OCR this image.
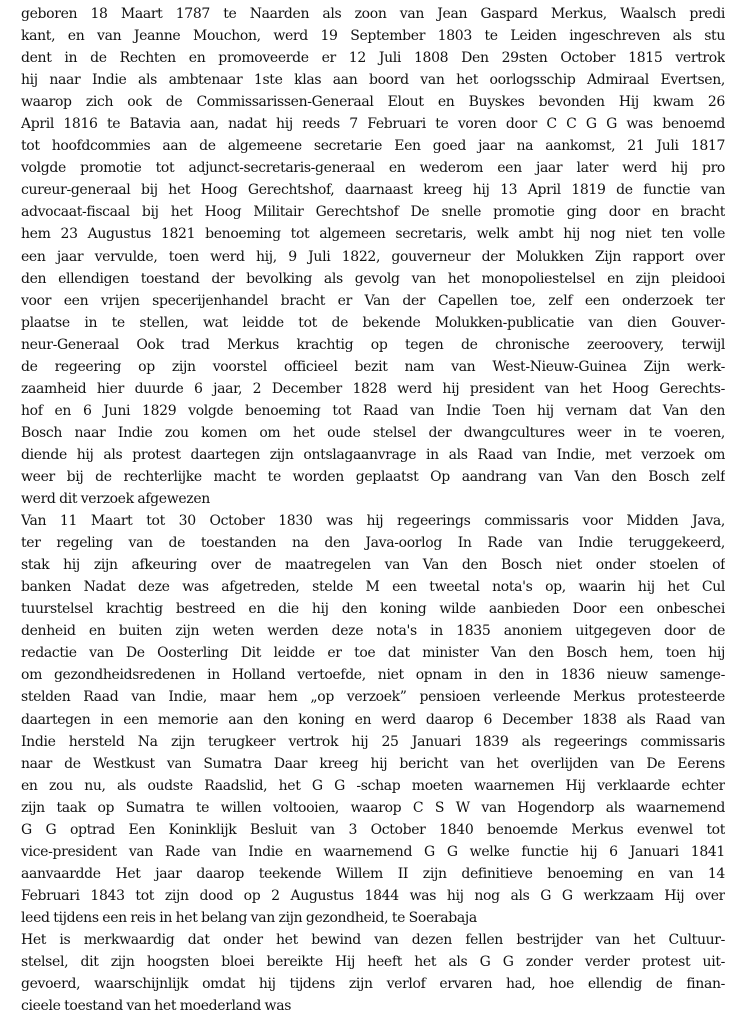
geboren 18 Maart 1787 te Naarden als zoon van Jean Gaspard Merkus, Waalsch predi
kant, en van Jeanne Mouchon, werd 19 September 1803 te Leiden ingeschreven als stu
dent in de Rechten en promoveerde er 12 Juli 1808 Den 29sten October 1815 vertrok
hij naar Indie als ambtenaar 1ste klas aan boord van het oorlogsschip Admiraal Evertsen,
waarop zich ook de Commissarissen-Generaal Elout en Buyskes bevonden Hij kwam 26
April 1816 te Batavia aan, nadat hij reeds 7 Februari te voren door C C G G was benoemd
tot hoofdcommies aan de algemeene secretarie Een goed jaar na aankomst, 21 Juli 1817
volgde promotie tot adjunct-secretaris-generaal en wederom een jaar later werd hij pro
cureur-generaal bij het Hoog Gerechtshof, daarnaast kreeg hij 13 April 1819 de functie van
advocaat-fiscaal bij het Hoog Militair Gerechtshof De snelle promotie ging door en bracht
hem 23 Augustus 1821 benoeming tot algemeen secretaris, welk ambt hij nog niet ten volle
een jaar vervulde, toen werd hij, 9 Juli 1822, gouverneur der Molukken Zijn rapport over
den ellendigen toestand der bevolking als gevolg van het monopoliestelsel en zijn pleidooi
voor een vrijen specerijenhandel bracht er Van der Capellen toe, zelf een onderzoek ter
plaatse in te stellen, wat leidde tot de bekende Molukken-publicatie van dien Gouver-
neur-Generaal Ook trad Merkus krachtig op tegen de chronische zeeroovery, terwijl
de regeering op zijn voorstel officieel bezit nam van West-Nieuw-Guinea Zijn werk-
zaamheid hier duurde 6 jaar, 2 December 1828 werd hij president van het Hoog Gerechts-
hof en 6 Juni 1829 volgde benoeming tot Raad van Indie Toen hij vernam dat Van den
Bosch naar Indie zou komen om het oude stelsel der dwangcultures weer in te voeren,
diende hij als protest daartegen zijn ontslagaanvrage in als Raad van Indie, met verzoek om
weer bij de rechterlijke macht te worden geplaatst Op aandrang van Van den Bosch zelf
werd dit verzoek afgewezen
Van 11 Maart tot 30 October 1830 was hij regeerings commissaris voor Midden Java,
ter regeling van de toestanden na den Java-oorlog In Rade van Indie teruggekeerd,
stak hij zijn afkeuring over de maatregelen van Van den Bosch niet onder stoelen of
banken Nadat deze was afgetreden, stelde M een tweetal nota's op, waarin hij het Cul
tuurstelsel krachtig bestreed en die hij den koning wilde aanbieden Door een onbeschei
denheid en buiten zijn weten werden deze nota's in 1835 anoniem uitgegeven door de
redactie van De Oosterling Dit leidde er toe dat minister Van den Bosch hem, toen hij
om gezondheidsredenen in Holland vertoefde, niet opnam in den in 1836 nieuw samenge-
stelden Raad van Indie, maar hem „op verzoek” pensioen verleende Merkus protesteerde
daartegen in een memorie aan den koning en werd daarop 6 December 1838 als Raad van
Indie hersteld Na zijn terugkeer vertrok hij 25 Januari 1839 als regeerings commissaris
naar de Westkust van Sumatra Daar kreeg hij bericht van het overlijden van De Eerens
en zou nu, als oudste Raadslid, het G G -schap moeten waarnemen Hij verklaarde echter
zijn taak op Sumatra te willen voltooien, waarop C S W van Hogendorp als waarnemend
G G optrad Een Koninklijk Besluit van 3 October 1840 benoemde Merkus evenwel tot
vice-president van Rade van Indie en waarnemend G G welke functie hij 6 Januari 1841
aanvaardde Het jaar daarop teekende Willem II zijn definitieve benoeming en van 14
Februari 1843 tot zijn dood op 2 Augustus 1844 was hij nog als G G werkzaam Hij over
leed tijdens een reis in het belang van zijn gezondheid, te Soerabaja
Het is merkwaardig dat onder het bewind van dezen fellen bestrijder van het Cultuur-
stelsel, dit zijn hoogsten bloei bereikte Hij heeft het als G G zonder verder protest uit-
gevoerd, waarschijnlijk omdat hij tijdens zijn verlof ervaren had, hoe ellendig de finan-
cieele toestand van het moederland was
